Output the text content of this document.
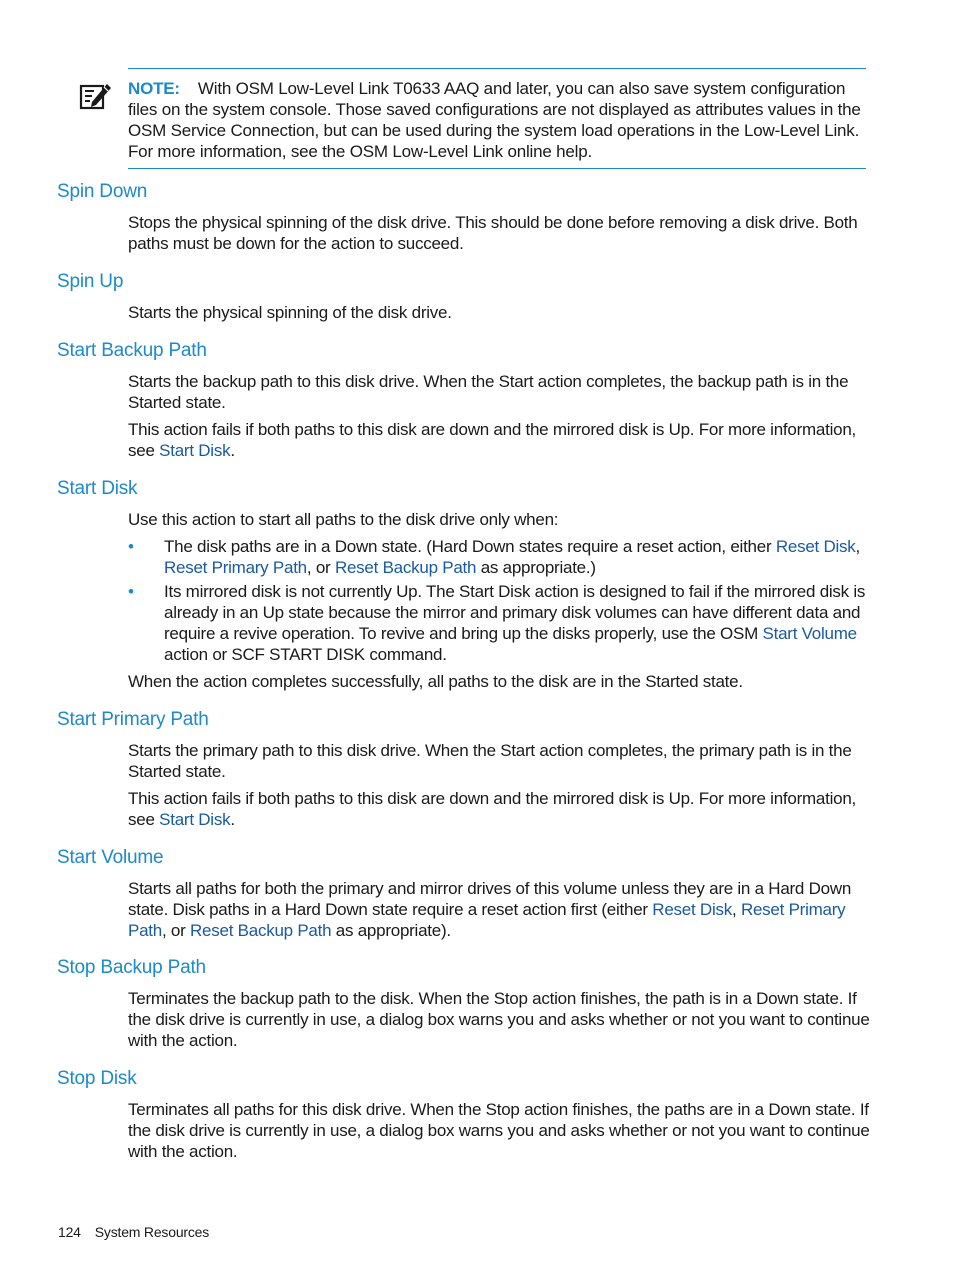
NOTE: With OSM Low-Level Link T0633 AAQ and later, you can also save system configuration files on the system console. Those saved configurations are not displayed as attributes values in the OSM Service Connection, but can be used during the system load operations in the Low-Level Link. For more information, see the OSM Low-Level Link online help.
Spin Down

Stops the physical spinning of the disk drive. This should be done before removing a disk drive. Both paths must be down for the action to succeed.

Spin Up

Starts the physical spinning of the disk drive.

Start Backup Path

Starts the backup path to this disk drive. When the Start action completes, the backup path is in the Started state.

This action fails if both paths to this disk are down and the mirrored disk is Up. For more information, see Start Disk.

Start Disk

Use this action to start all paths to the disk drive only when:

• The disk paths are in a Down state. (Hard Down states require a reset action, either Reset Disk, Reset Primary Path, or Reset Backup Path as appropriate.)
• Its mirrored disk is not currently Up. The Start Disk action is designed to fail if the mirrored disk is already in an Up state because the mirror and primary disk volumes can have different data and require a revive operation. To revive and bring up the disks properly, use the OSM Start Volume action or SCF START DISK command.

When the action completes successfully, all paths to the disk are in the Started state.

Start Primary Path

Starts the primary path to this disk drive. When the Start action completes, the primary path is in the Started state.

This action fails if both paths to this disk are down and the mirrored disk is Up. For more information, see Start Disk.

Start Volume

Starts all paths for both the primary and mirror drives of this volume unless they are in a Hard Down state. Disk paths in a Hard Down state require a reset action first (either Reset Disk, Reset Primary Path, or Reset Backup Path as appropriate).

Stop Backup Path

Terminates the backup path to the disk. When the Stop action finishes, the path is in a Down state. If the disk drive is currently in use, a dialog box warns you and asks whether or not you want to continue with the action.

Stop Disk

Terminates all paths for this disk drive. When the Stop action finishes, the paths are in a Down state. If the disk drive is currently in use, a dialog box warns you and asks whether or not you want to continue with the action.

124 System Resources
